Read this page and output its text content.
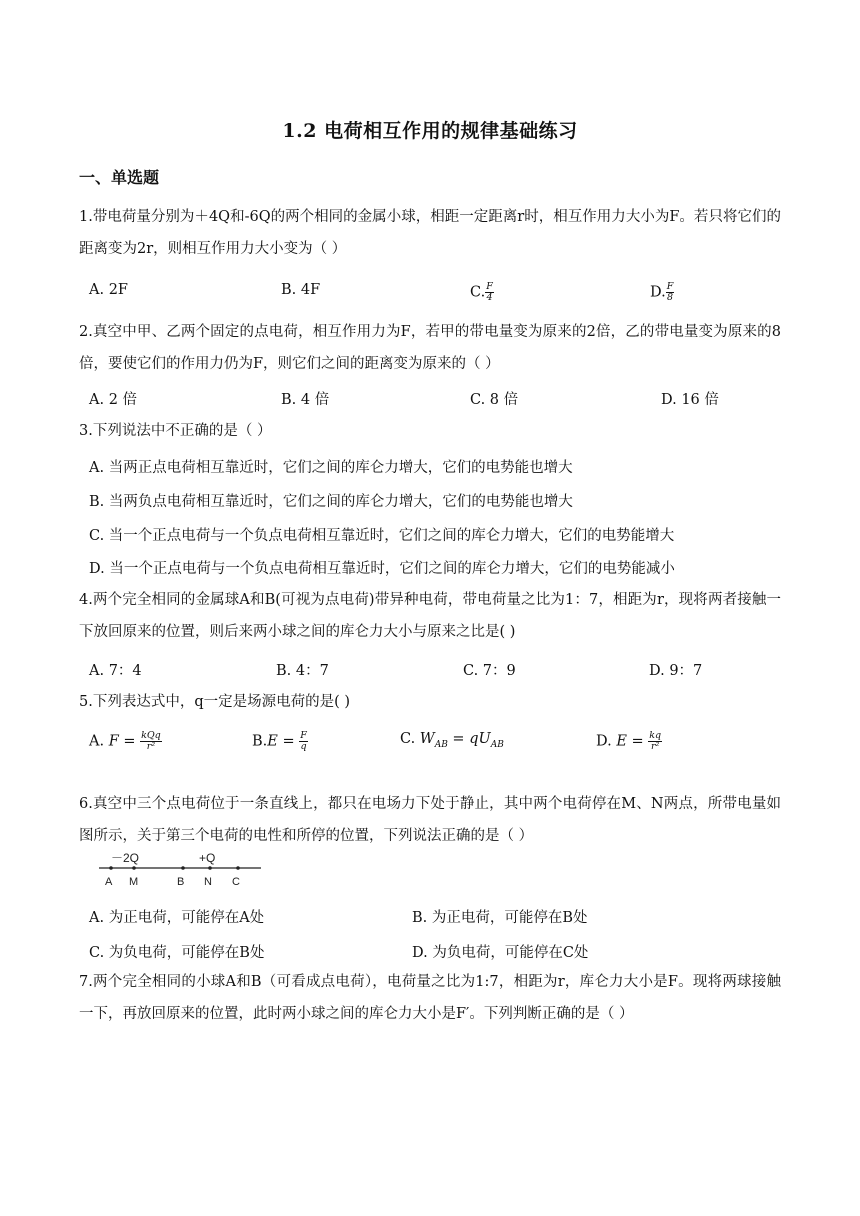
1.2 电荷相互作用的规律基础练习
一、单选题
1.带电荷量分别为＋4Q和-6Q的两个相同的金属小球，相距一定距离r时，相互作用力大小为F。若只将它们的距离变为2r，则相互作用力大小变为（ ）
A. 2F	B. 4F	C. $\frac{F}{4}$	D. $\frac{F}{8}$
2.真空中甲、乙两个固定的点电荷，相互作用力为F，若甲的带电量变为原来的2倍，乙的带电量变为原来的8倍，要使它们的作用力仍为F，则它们之间的距离变为原来的（ ）
A. 2 倍	B. 4 倍	C. 8 倍	D. 16 倍
3.下列说法中不正确的是（ ）
A. 当两正点电荷相互靠近时，它们之间的库仑力增大，它们的电势能也增大
B. 当两负点电荷相互靠近时，它们之间的库仑力增大，它们的电势能也增大
C. 当一个正点电荷与一个负点电荷相互靠近时，它们之间的库仑力增大，它们的电势能增大
D. 当一个正点电荷与一个负点电荷相互靠近时，它们之间的库仑力增大，它们的电势能减小
4.两个完全相同的金属球A和B(可视为点电荷)带异种电荷，带电荷量之比为1：7，相距为r，现将两者接触一下放回原来的位置，则后来两小球之间的库仑力大小与原来之比是( )
A. 7：4	B. 4：7	C. 7：9	D. 9：7
5.下列表达式中，q一定是场源电荷的是( )
A. $F = \frac{\text{kQq}}{\text{r²}}$	$B.E = \frac{F}{q}$	C. $W_{AB} = qU_{AB}$	D. $E = \frac{kq}{\text{r²}}$
6.真空中三个点电荷位于一条直线上，都只在电场力下处于静止，其中两个电荷停在M、N两点，所带电量如图所示，关于第三个电荷的电性和所停的位置，下列说法正确的是（ ）
－2Q	+Q
A M	B N C
A. 为正电荷，可能停在A处	B. 为正电荷，可能停在B处
C. 为负电荷，可能停在B处	D. 为负电荷，可能停在C处
7.两个完全相同的小球A和B（可看成点电荷），电荷量之比为1:7，相距为r，库仑力大小是F。现将两球接触一下，再放回原来的位置，此时两小球之间的库仑力大小是F′。下列判断正确的是（ ）
